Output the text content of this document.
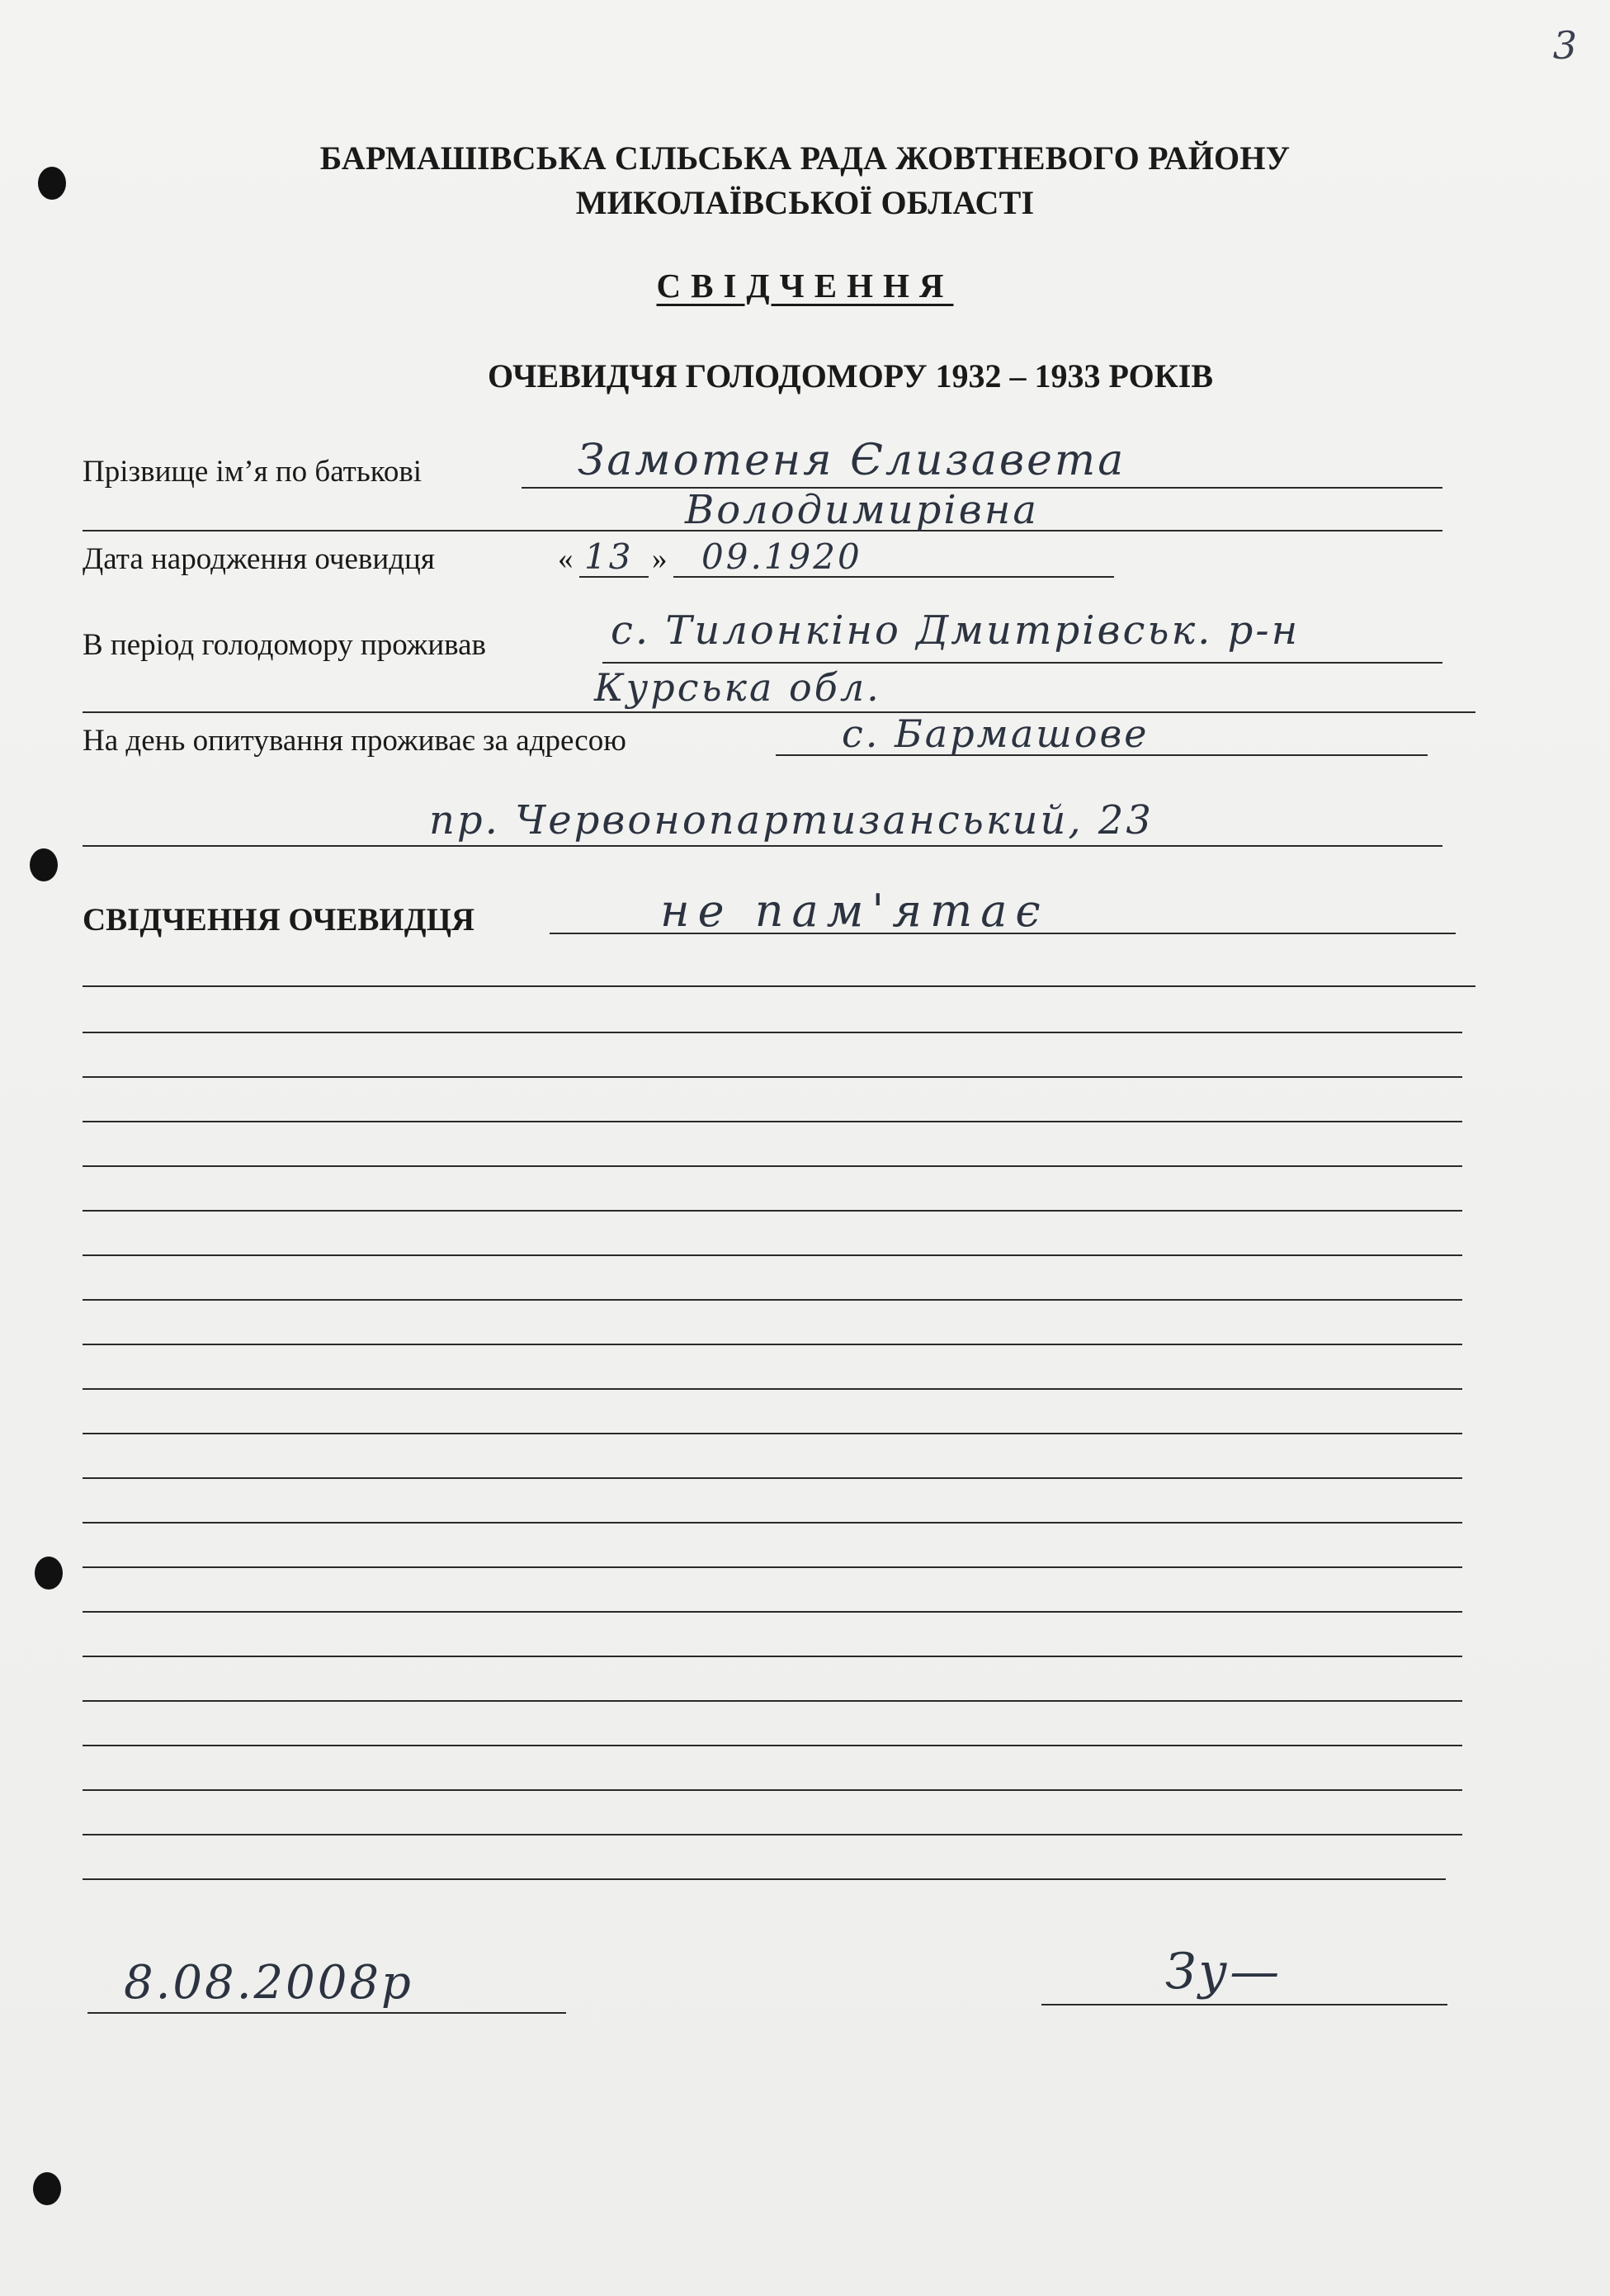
3
БАРМАШІВСЬКА СІЛЬСЬКА РАДА ЖОВТНЕВОГО РАЙОНУ
МИКОЛАЇВСЬКОЇ ОБЛАСТІ
СВІДЧЕННЯ
ОЧЕВИДЧЯ ГОЛОДОМОРУ 1932 – 1933 РОКІВ
Прізвище ім’я по батькові	Замотеня Єлизавета
Володимирівна
Дата народження очевидця	« 13 » 09.1920
В період голодомору проживав	с. Тилонкіно Дмитрівськ. р-н
Курська обл.
На день опитування проживає за адресою	с. Бармашове
пр. Червонопартизанський, 23
СВІДЧЕННЯ ОЧЕВИДЦЯ	не пам'ятає
8.08.2008р	Зу—
